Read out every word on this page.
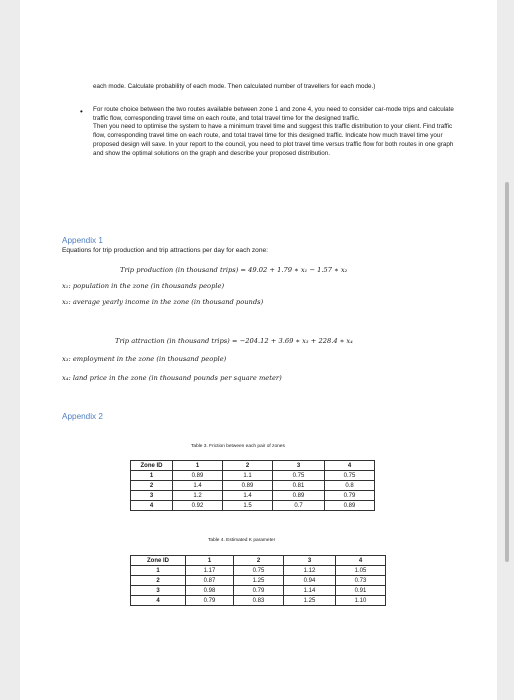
each mode. Calculate probability of each mode. Then calculated number of travellers for each mode.)
• For route choice between the two routes available between zone 1 and zone 4, you need to consider car-mode trips and calculate traffic flow, corresponding travel time on each route, and total travel time for the designed traffic.
Then you need to optimise the system to have a minimum travel time and suggest this traffic distribution to your client. Find traffic flow, corresponding travel time on each route, and total travel time for this designed traffic. Indicate how much travel time your proposed design will save. In your report to the council, you need to plot travel time versus traffic flow for both routes in one graph and show the optimal solutions on the graph and describe your proposed distribution.
Appendix 1
Equations for trip production and trip attractions per day for each zone:
Trip production (in thousand trips) = 49.02 + 1.79 ∗ x₁ − 1.57 ∗ x₂
x₁: population in the zone (in thousands people)
x₂: average yearly income in the zone (in thousand pounds)
Trip attraction (in thousand trips) = −204.12 + 3.69 ∗ x₃ + 228.4 ∗ x₄
x₃: employment in the zone (in thousand people)
x₄: land price in the zone (in thousand pounds per square meter)
Appendix 2
Table 3. Friction between each pair of zones
Zone ID	1	2	3	4
1	0.89	1.1	0.75	0.75
2	1.4	0.89	0.81	0.8
3	1.2	1.4	0.89	0.79
4	0.92	1.5	0.7	0.89
Table 4. Estimated K parameter
Zone ID	1	2	3	4
1	1.17	0.75	1.12	1.05
2	0.87	1.25	0.94	0.73
3	0.98	0.79	1.14	0.91
4	0.79	0.83	1.25	1.10
